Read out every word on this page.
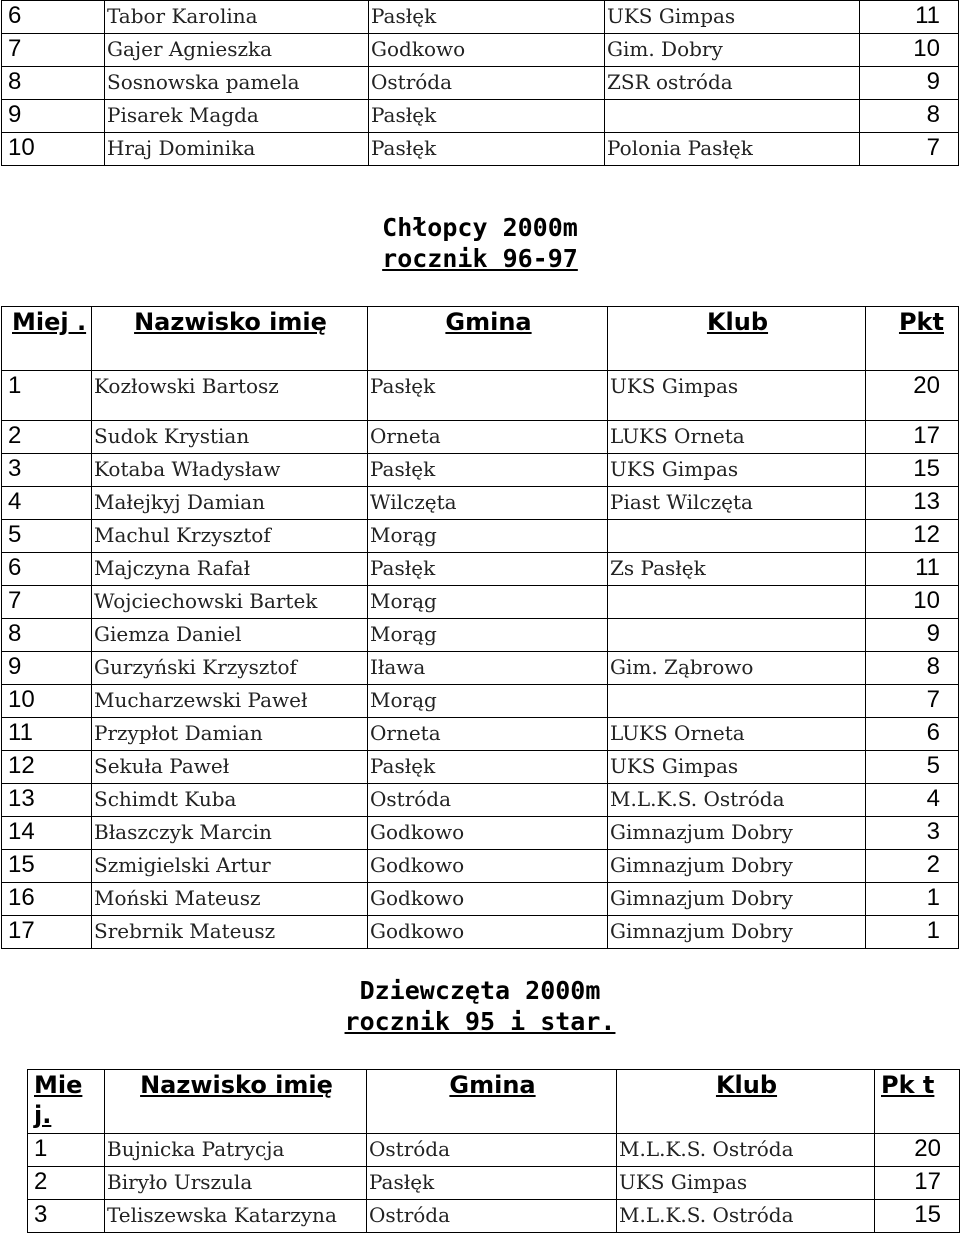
6	Tabor Karolina	Pasłęk	UKS Gimpas	11
7	Gajer Agnieszka	Godkowo	Gim. Dobry	10
8	Sosnowska pamela	Ostróda	ZSR ostróda	9
9	Pisarek Magda	Pasłęk		8
10	Hraj Dominika	Pasłęk	Polonia Pasłęk	7
Chłopcy 2000m
rocznik 96-97
Miej .	Nazwisko imię	Gmina	Klub	Pkt
1	Kozłowski Bartosz	Pasłęk	UKS Gimpas	20
2	Sudok Krystian	Orneta	LUKS Orneta	17
3	Kotaba Władysław	Pasłęk	UKS Gimpas	15
4	Małejkyj Damian	Wilczęta	Piast Wilczęta	13
5	Machul Krzysztof	Morąg		12
6	Majczyna Rafał	Pasłęk	Zs Pasłęk	11
7	Wojciechowski Bartek	Morąg		10
8	Giemza Daniel	Morąg		9
9	Gurzyński Krzysztof	Iława	Gim. Ząbrowo	8
10	Mucharzewski Paweł	Morąg		7
11	Przypłot Damian	Orneta	LUKS Orneta	6
12	Sekuła Paweł	Pasłęk	UKS Gimpas	5
13	Schimdt Kuba	Ostróda	M.L.K.S. Ostróda	4
14	Błaszczyk Marcin	Godkowo	Gimnazjum Dobry	3
15	Szmigielski Artur	Godkowo	Gimnazjum Dobry	2
16	Moński Mateusz	Godkowo	Gimnazjum Dobry	1
17	Srebrnik Mateusz	Godkowo	Gimnazjum Dobry	1
Dziewczęta 2000m
rocznik 95 i star.
Mie j.	Nazwisko imię	Gmina	Klub	Pk t
1	Bujnicka Patrycja	Ostróda	M.L.K.S. Ostróda	20
2	Biryło Urszula	Pasłęk	UKS Gimpas	17
3	Teliszewska Katarzyna	Ostróda	M.L.K.S. Ostróda	15
